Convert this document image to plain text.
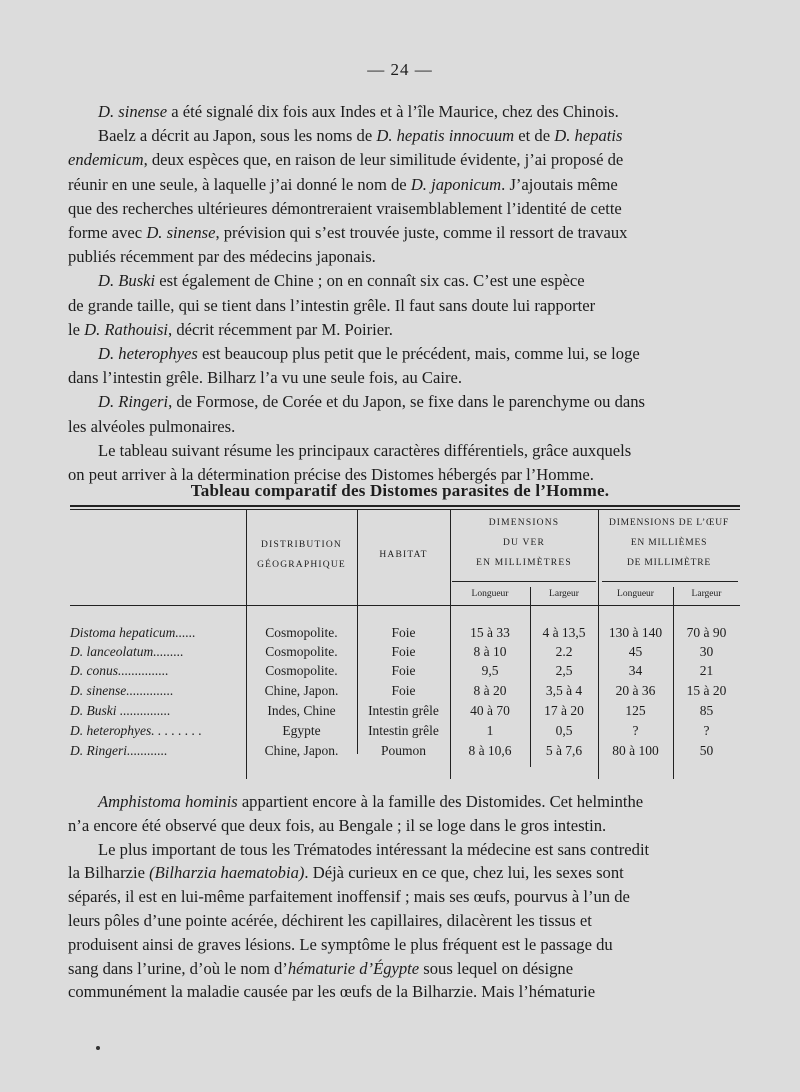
— 24 —

D. sinense a été signalé dix fois aux Indes et à l’île Maurice, chez des Chinois.

Baelz a décrit au Japon, sous les noms de D. hepatis innocuum et de D. hepatis

endemicum, deux espèces que, en raison de leur similitude évidente, j’ai proposé de

réunir en une seule, à laquelle j’ai donné le nom de D. japonicum. J’ajoutais même

que des recherches ultérieures démontreraient vraisemblablement l’identité de cette

forme avec D. sinense, prévision qui s’est trouvée juste, comme il ressort de travaux

publiés récemment par des médecins japonais.

D. Buski est également de Chine ; on en connaît six cas. C’est une espèce

de grande taille, qui se tient dans l’intestin grêle. Il faut sans doute lui rapporter

le D. Rathouisi, décrit récemment par M. Poirier.

D. heterophyes est beaucoup plus petit que le précédent, mais, comme lui, se loge

dans l’intestin grêle. Bilharz l’a vu une seule fois, au Caire.

D. Ringeri, de Formose, de Corée et du Japon, se fixe dans le parenchyme ou dans

les alvéoles pulmonaires.

Le tableau suivant résume les principaux caractères différentiels, grâce auxquels

on peut arriver à la détermination précise des Distomes hébergés par l’Homme.

Tableau comparatif des Distomes parasites de l’Homme.
DISTRIBUTION
GÉOGRAPHIQUE
HABITAT
DIMENSIONS
DU VER
EN MILLIMÈTRES
DIMENSIONS DE L’ŒUF
EN MILLIÈMES
DE MILLIMÈTRE
Longueur	Largeur	Longueur	Largeur
Distoma hepaticum......	Cosmopolite.	Foie	15 à 33	4 à 13,5	130 à 140	70 à 90
D. lanceolatum.........	Cosmopolite.	Foie	8 à 10	2.2	45	30
D. conus...............	Cosmopolite.	Foie	9,5	2,5	34	21
D. sinense..............	Chine, Japon.	Foie	8 à 20	3,5 à 4	20 à 36	15 à 20
D. Buski ...............	Indes, Chine	Intestin grêle	40 à 70	17 à 20	125	85
D. heterophyes. . . . . . . .	Egypte	Intestin grêle	1	0,5	?	?
D. Ringeri............	Chine, Japon.	Poumon	8 à 10,6	5 à 7,6	80 à 100	50

Amphistoma hominis appartient encore à la famille des Distomides. Cet helminthe

n’a encore été observé que deux fois, au Bengale ; il se loge dans le gros intestin.

Le plus important de tous les Trématodes intéressant la médecine est sans contredit

la Bilharzie (Bilharzia haematobia). Déjà curieux en ce que, chez lui, les sexes sont

séparés, il est en lui-même parfaitement inoffensif ; mais ses œufs, pourvus à l’un de

leurs pôles d’une pointe acérée, déchirent les capillaires, dilacèrent les tissus et

produisent ainsi de graves lésions. Le symptôme le plus fréquent est le passage du

sang dans l’urine, d’où le nom d’hématurie d’Égypte sous lequel on désigne

communément la maladie causée par les œufs de la Bilharzie. Mais l’hématurie
